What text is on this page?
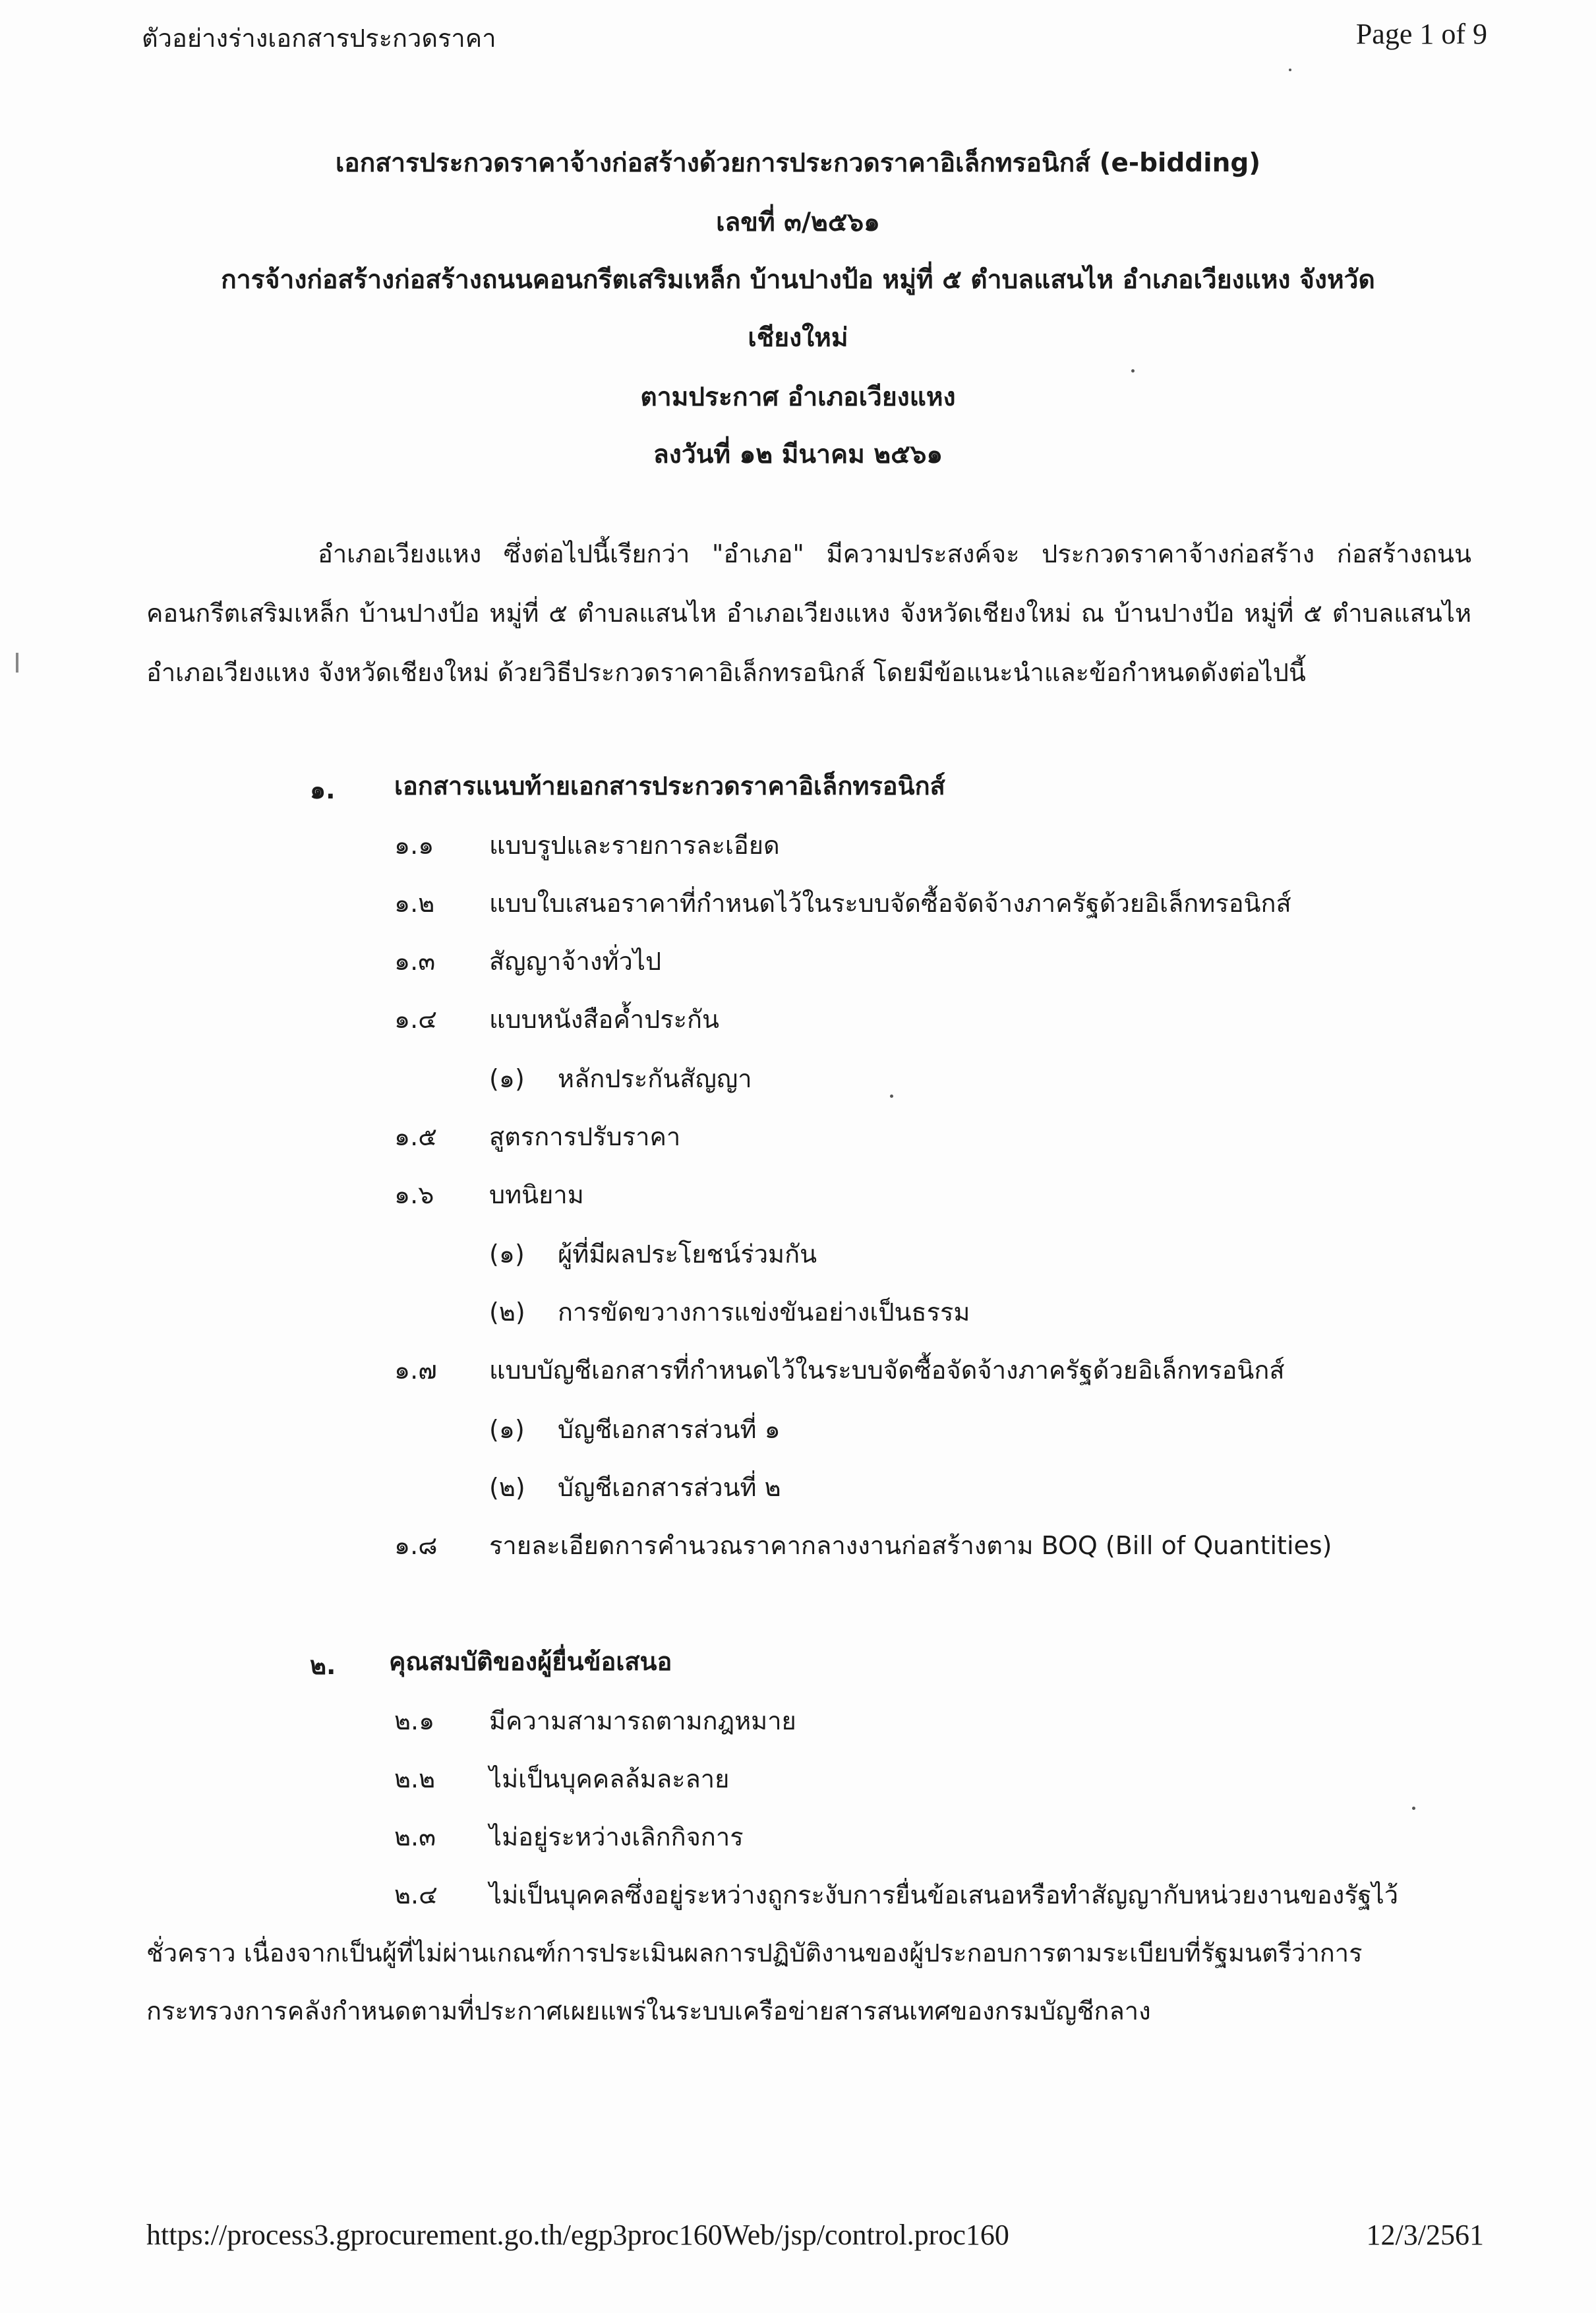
ตัวอย่างร่างเอกสารประกวดราคา	Page 1 of 9
เอกสารประกวดราคาจ้างก่อสร้างด้วยการประกวดราคาอิเล็กทรอนิกส์ (e-bidding)
เลขที่ ๓/๒๕๖๑
การจ้างก่อสร้างก่อสร้างถนนคอนกรีตเสริมเหล็ก บ้านปางป้อ หมู่ที่ ๕ ตำบลแสนไห อำเภอเวียงแหง จังหวัด
เชียงใหม่
ตามประกาศ อำเภอเวียงแหง
ลงวันที่ ๑๒ มีนาคม ๒๕๖๑
อำเภอเวียงแหง ซึ่งต่อไปนี้เรียกว่า "อำเภอ" มีความประสงค์จะ ประกวดราคาจ้างก่อสร้าง ก่อสร้างถนนคอนกรีตเสริมเหล็ก บ้านปางป้อ หมู่ที่ ๕ ตำบลแสนไห อำเภอเวียงแหง จังหวัดเชียงใหม่ ณ บ้านปางป้อ หมู่ที่ ๕ ตำบลแสนไห อำเภอเวียงแหง จังหวัดเชียงใหม่ ด้วยวิธีประกวดราคาอิเล็กทรอนิกส์ โดยมีข้อแนะนำและข้อกำหนดดังต่อไปนี้
๑. เอกสารแนบท้ายเอกสารประกวดราคาอิเล็กทรอนิกส์
๑.๑ แบบรูปและรายการละเอียด
๑.๒ แบบใบเสนอราคาที่กำหนดไว้ในระบบจัดซื้อจัดจ้างภาครัฐด้วยอิเล็กทรอนิกส์
๑.๓ สัญญาจ้างทั่วไป
๑.๔ แบบหนังสือค้ำประกัน
(๑) หลักประกันสัญญา
๑.๕ สูตรการปรับราคา
๑.๖ บทนิยาม
(๑) ผู้ที่มีผลประโยชน์ร่วมกัน
(๒) การขัดขวางการแข่งขันอย่างเป็นธรรม
๑.๗ แบบบัญชีเอกสารที่กำหนดไว้ในระบบจัดซื้อจัดจ้างภาครัฐด้วยอิเล็กทรอนิกส์
(๑) บัญชีเอกสารส่วนที่ ๑
(๒) บัญชีเอกสารส่วนที่ ๒
๑.๘ รายละเอียดการคำนวณราคากลางงานก่อสร้างตาม BOQ (Bill of Quantities)
๒. คุณสมบัติของผู้ยื่นข้อเสนอ
๒.๑ มีความสามารถตามกฎหมาย
๒.๒ ไม่เป็นบุคคลล้มละลาย
๒.๓ ไม่อยู่ระหว่างเลิกกิจการ
๒.๔ ไม่เป็นบุคคลซึ่งอยู่ระหว่างถูกระงับการยื่นข้อเสนอหรือทำสัญญากับหน่วยงานของรัฐไว้
ชั่วคราว เนื่องจากเป็นผู้ที่ไม่ผ่านเกณฑ์การประเมินผลการปฏิบัติงานของผู้ประกอบการตามระเบียบที่รัฐมนตรีว่าการ
กระทรวงการคลังกำหนดตามที่ประกาศเผยแพร่ในระบบเครือข่ายสารสนเทศของกรมบัญชีกลาง
https://process3.gprocurement.go.th/egp3proc160Web/jsp/control.proc160	12/3/2561
